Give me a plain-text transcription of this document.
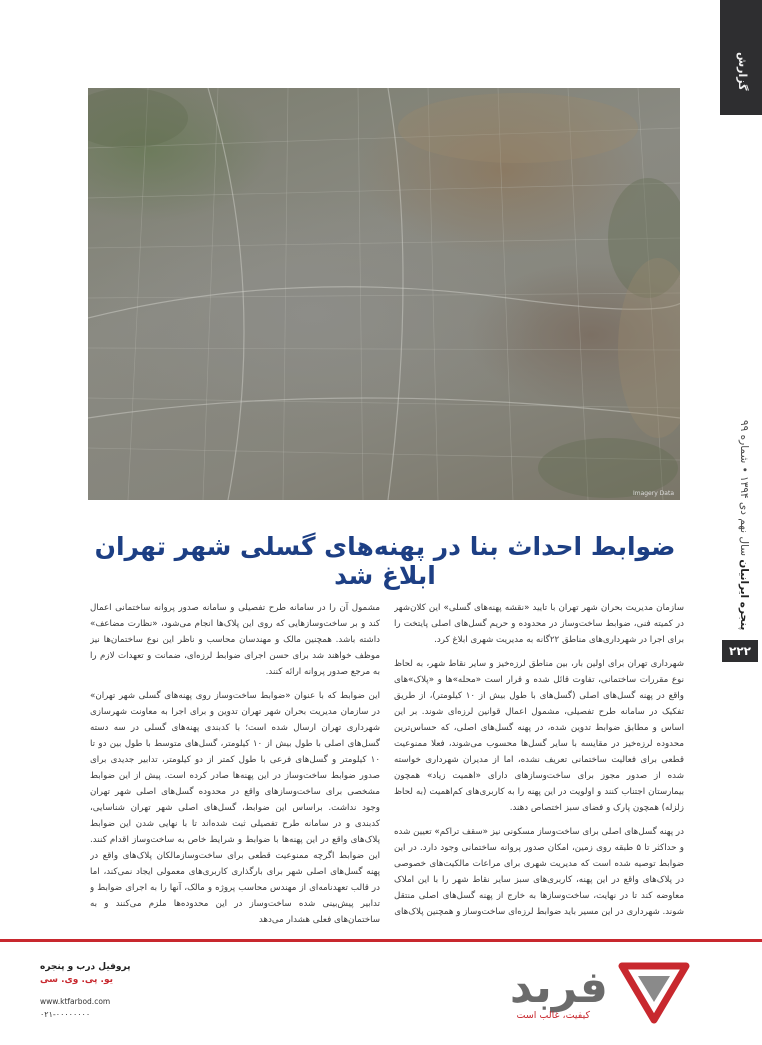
گزارش
پنجره ایرانیان سال نهم دی ۱۳۹۴ • شماره ۹۹
۲۲۲
Imagery Data
ضوابط احداث بنا در پهنه‌های گسلی شهر تهران ابلاغ شد

سازمان مدیریت بحران شهر تهران با تایید «نقشه پهنه‌های گسلی» این کلان‌شهر در کمیته فنی، ضوابط ساخت‌وساز در محدوده و حریم گسل‌های اصلی پایتخت را برای اجرا در شهرداری‌های مناطق ۲۲گانه به مدیریت شهری ابلاغ کرد.

شهرداری تهران برای اولین بار، بین مناطق لرزه‌خیز و سایر نقاط شهر، به لحاظ نوع مقررات ساختمانی، تفاوت قائل شده و قرار است «محله»ها و «پلاک»های واقع در پهنه گسل‌های اصلی (گسل‌های با طول بیش از ۱۰ کیلومتر)، از طریق تفکیک در سامانه طرح تفصیلی، مشمول اعمال قوانین لرزه‌ای شوند. بر این اساس و مطابق ضوابط تدوین شده، در پهنه گسل‌های اصلی، که حساس‌ترین محدوده لرزه‌خیز در مقایسه با سایر گسل‌ها محسوب می‌شوند، فعلا ممنوعیت قطعی برای فعالیت ساختمانی تعریف نشده، اما از مدیران شهرداری خواسته شده از صدور مجوز برای ساخت‌وسازهای دارای «اهمیت زیاد» همچون بیمارستان اجتناب کنند و اولویت در این پهنه را به کاربری‌های کم‌اهمیت (به لحاظ زلزله) همچون پارک و فضای سبز اختصاص دهند.

در پهنه گسل‌های اصلی برای ساخت‌وساز مسکونی نیز «سقف تراکم» تعیین شده و حداکثر تا ۵ طبقه روی زمین، امکان صدور پروانه ساختمانی وجود دارد. در این ضوابط توصیه شده است که مدیریت شهری برای مراعات مالکیت‌های خصوصی در پلاک‌های واقع در این پهنه، کاربری‌های سبز سایر نقاط شهر را با این املاک معاوضه کند تا در نهایت، ساخت‌وسازها به خارج از پهنه گسل‌های اصلی منتقل شوند. شهرداری در این مسیر باید ضوابط لرزه‌ای ساخت‌وساز و همچنین پلاک‌های

مشمول آن را در سامانه طرح تفصیلی و سامانه صدور پروانه ساختمانی اعمال کند و بر ساخت‌وسازهایی که روی این پلاک‌ها انجام می‌شود، «نظارت مضاعف» داشته باشد. همچنین مالک و مهندسان محاسب و ناظر این نوع ساختمان‌ها نیز موظف خواهند شد برای حسن اجرای ضوابط لرزه‌ای، ضمانت و تعهدات لازم را به مرجع صدور پروانه ارائه کنند.

این ضوابط که با عنوان «ضوابط ساخت‌وساز روی پهنه‌های گسلی شهر تهران» در سازمان مدیریت بحران شهر تهران تدوین و برای اجرا به معاونت شهرسازی شهرداری تهران ارسال شده است؛ با کدبندی پهنه‌های گسلی در سه دسته گسل‌های اصلی با طول بیش از ۱۰ کیلومتر، گسل‌های متوسط با طول بین دو تا ۱۰ کیلومتر و گسل‌های فرعی با طول کمتر از دو کیلومتر، تدابیر جدیدی برای صدور ضوابط ساخت‌وساز در این پهنه‌ها صادر کرده است. پیش از این ضوابط مشخصی برای ساخت‌وسازهای واقع در محدوده گسل‌های اصلی شهر تهران وجود نداشت. براساس این ضوابط، گسل‌های اصلی شهر تهران شناسایی، کدبندی و در سامانه طرح تفصیلی ثبت شده‌اند تا با نهایی شدن این ضوابط پلاک‌های واقع در این پهنه‌ها با ضوابط و شرایط خاص به ساخت‌وساز اقدام کنند. این ضوابط اگرچه ممنوعیت قطعی برای ساخت‌وسازمالکان پلاک‌های واقع در پهنه گسل‌های اصلی شهر برای بارگذاری کاربری‌های معمولی ایجاد نمی‌کند، اما در قالب تعهدنامه‌ای از مهندس محاسب پروژه و مالک، آنها را به اجرای ضوابط و تدابیر پیش‌بینی شده ساخت‌وساز در این محدوده‌ها ملزم می‌کنند و به ساختمان‌های فعلی هشدار می‌دهد

پروفیل درب و پنجره
یو. پی. وی. سی
www.ktfarbod.com
۰۲۱-۰۰۰۰۰۰۰۰
فربد
کیفیت، غالب است
